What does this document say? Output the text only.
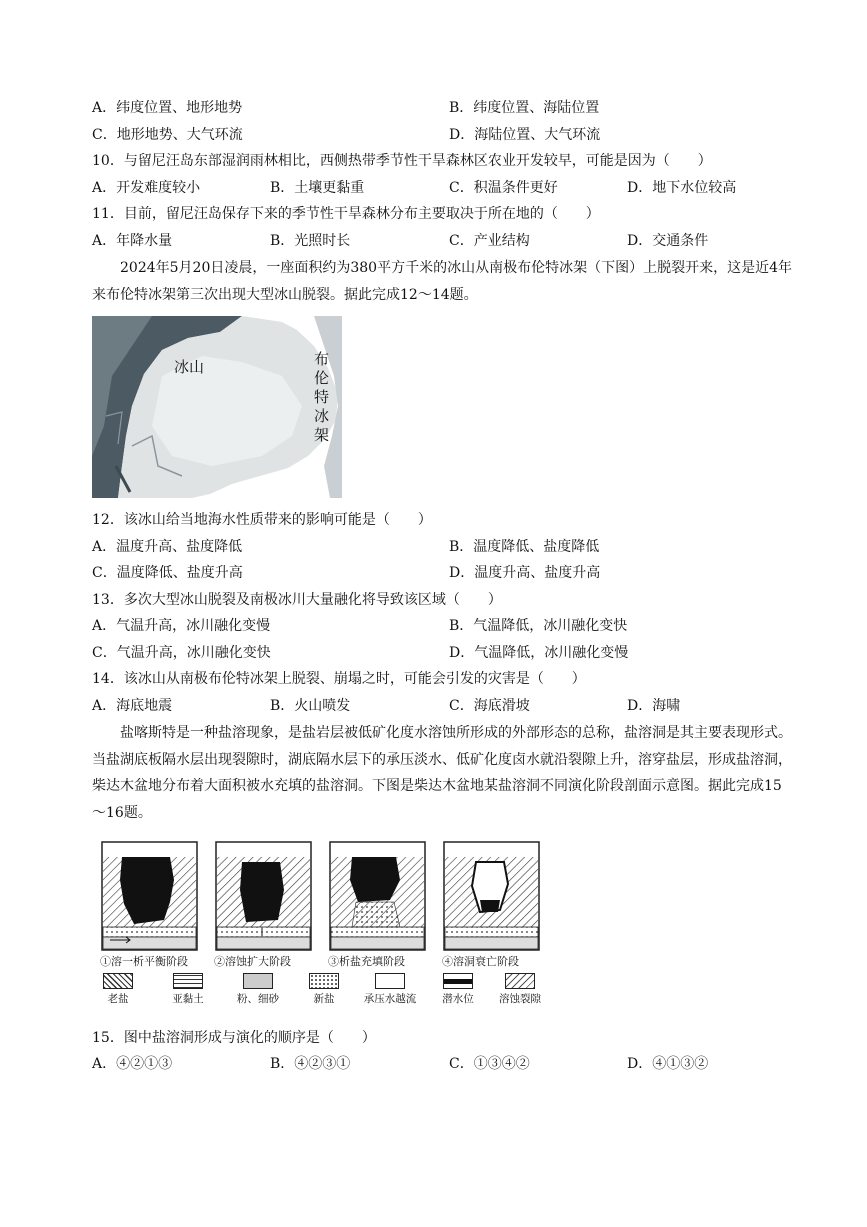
A．纬度位置、地形地势	B．纬度位置、海陆位置
C．地形地势、大气环流	D．海陆位置、大气环流
10．与留尼汪岛东部湿润雨林相比，西侧热带季节性干旱森林区农业开发较早，可能是因为（　　）
A．开发难度较小	B．土壤更黏重	C．积温条件更好	D．地下水位较高
11．目前，留尼汪岛保存下来的季节性干旱森林分布主要取决于所在地的（　　）
A．年降水量	B．光照时长	C．产业结构	D．交通条件
2024年5月20日凌晨，一座面积约为380平方千米的冰山从南极布伦特冰架（下图）上脱裂开来，这是近4年来布伦特冰架第三次出现大型冰山脱裂。据此完成12～14题。
冰山	布
伦
特
冰
架
12．该冰山给当地海水性质带来的影响可能是（　　）
A．温度升高、盐度降低	B．温度降低、盐度降低
C．温度降低、盐度升高	D．温度升高、盐度升高
13．多次大型冰山脱裂及南极冰川大量融化将导致该区域（　　）
A．气温升高，冰川融化变慢	B．气温降低，冰川融化变快
C．气温升高，冰川融化变快	D．气温降低，冰川融化变慢
14．该冰山从南极布伦特冰架上脱裂、崩塌之时，可能会引发的灾害是（　　）
A．海底地震	B．火山喷发	C．海底滑坡	D．海啸
盐喀斯特是一种盐溶现象，是盐岩层被低矿化度水溶蚀所形成的外部形态的总称，盐溶洞是其主要表现形式。当盐湖底板隔水层出现裂隙时，湖底隔水层下的承压淡水、低矿化度卤水就沿裂隙上升，溶穿盐层，形成盐溶洞，柴达木盆地分布着大面积被水充填的盐溶洞。下图是柴达木盆地某盐溶洞不同演化阶段剖面示意图。据此完成15～16题。
①溶一析平衡阶段 ②溶蚀扩大阶段	③析盐充填阶段	④溶洞衰亡阶段
老盐	亚黏土	粉、细砂	新盐	承压水越流	潜水位	溶蚀裂隙
15．图中盐溶洞形成与演化的顺序是（　　）
A．④②①③	B．④②③①	C．①③④②	D．④①③②
